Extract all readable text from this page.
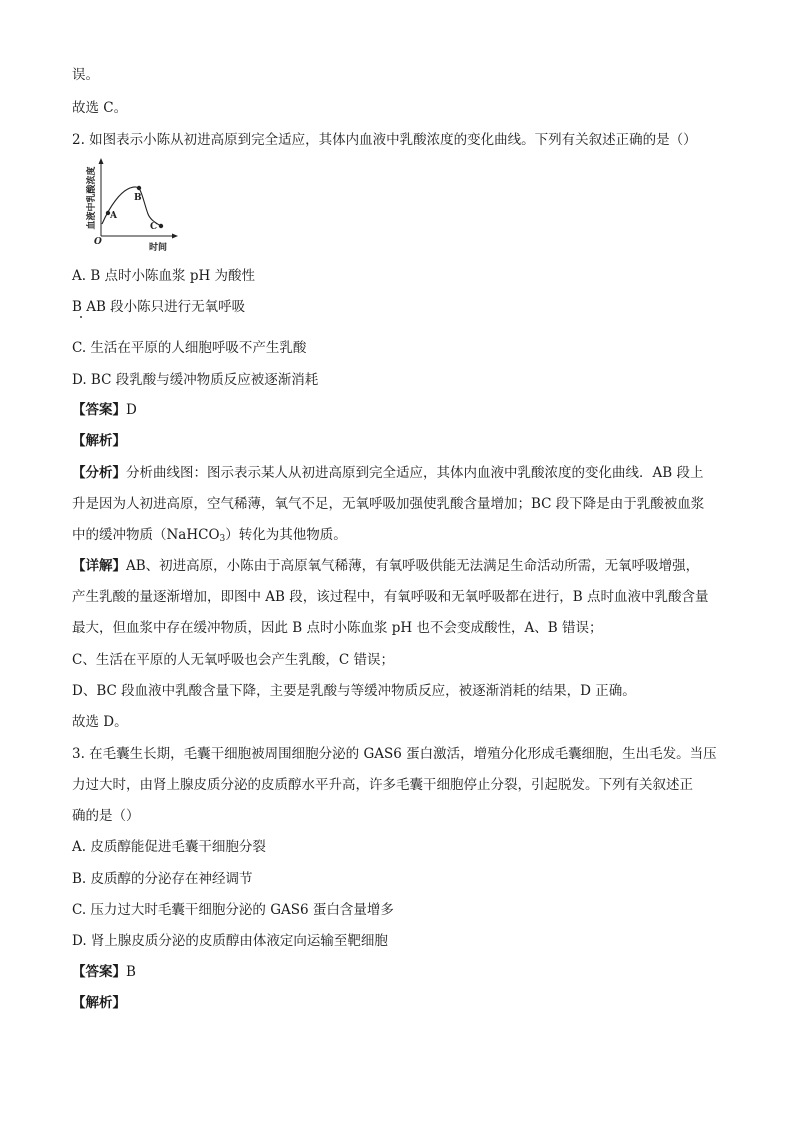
误。
故选 C。
2. 如图表示小陈从初进高原到完全适应，其体内血液中乳酸浓度的变化曲线。下列有关叙述正确的是（）
血液中乳酸浓度
时间
O
A
B
C
A. B 点时小陈血浆 pH 为酸性
B AB 段小陈只进行无氧呼吸
C. 生活在平原的人细胞呼吸不产生乳酸
D. BC 段乳酸与缓冲物质反应被逐渐消耗
【答案】D
【解析】
【分析】分析曲线图：图示表示某人从初进高原到完全适应，其体内血液中乳酸浓度的变化曲线．AB 段上
升是因为人初进高原，空气稀薄，氧气不足，无氧呼吸加强使乳酸含量增加；BC 段下降是由于乳酸被血浆
中的缓冲物质（NaHCO$_3$）转化为其他物质。
【详解】AB、初进高原，小陈由于高原氧气稀薄，有氧呼吸供能无法满足生命活动所需，无氧呼吸增强，
产生乳酸的量逐渐增加，即图中 AB 段，该过程中，有氧呼吸和无氧呼吸都在进行，B 点时血液中乳酸含量
最大，但血浆中存在缓冲物质，因此 B 点时小陈血浆 pH 也不会变成酸性，A、B 错误；
C、生活在平原的人无氧呼吸也会产生乳酸，C 错误；
D、BC 段血液中乳酸含量下降，主要是乳酸与等缓冲物质反应，被逐渐消耗的结果，D 正确。
故选 D。
3. 在毛囊生长期，毛囊干细胞被周围细胞分泌的 GAS6 蛋白激活，增殖分化形成毛囊细胞，生出毛发。当压
力过大时，由肾上腺皮质分泌的皮质醇水平升高，许多毛囊干细胞停止分裂，引起脱发。下列有关叙述正
确的是（）
A. 皮质醇能促进毛囊干细胞分裂
B. 皮质醇的分泌存在神经调节
C. 压力过大时毛囊干细胞分泌的 GAS6 蛋白含量增多
D. 肾上腺皮质分泌的皮质醇由体液定向运输至靶细胞
【答案】B
【解析】
